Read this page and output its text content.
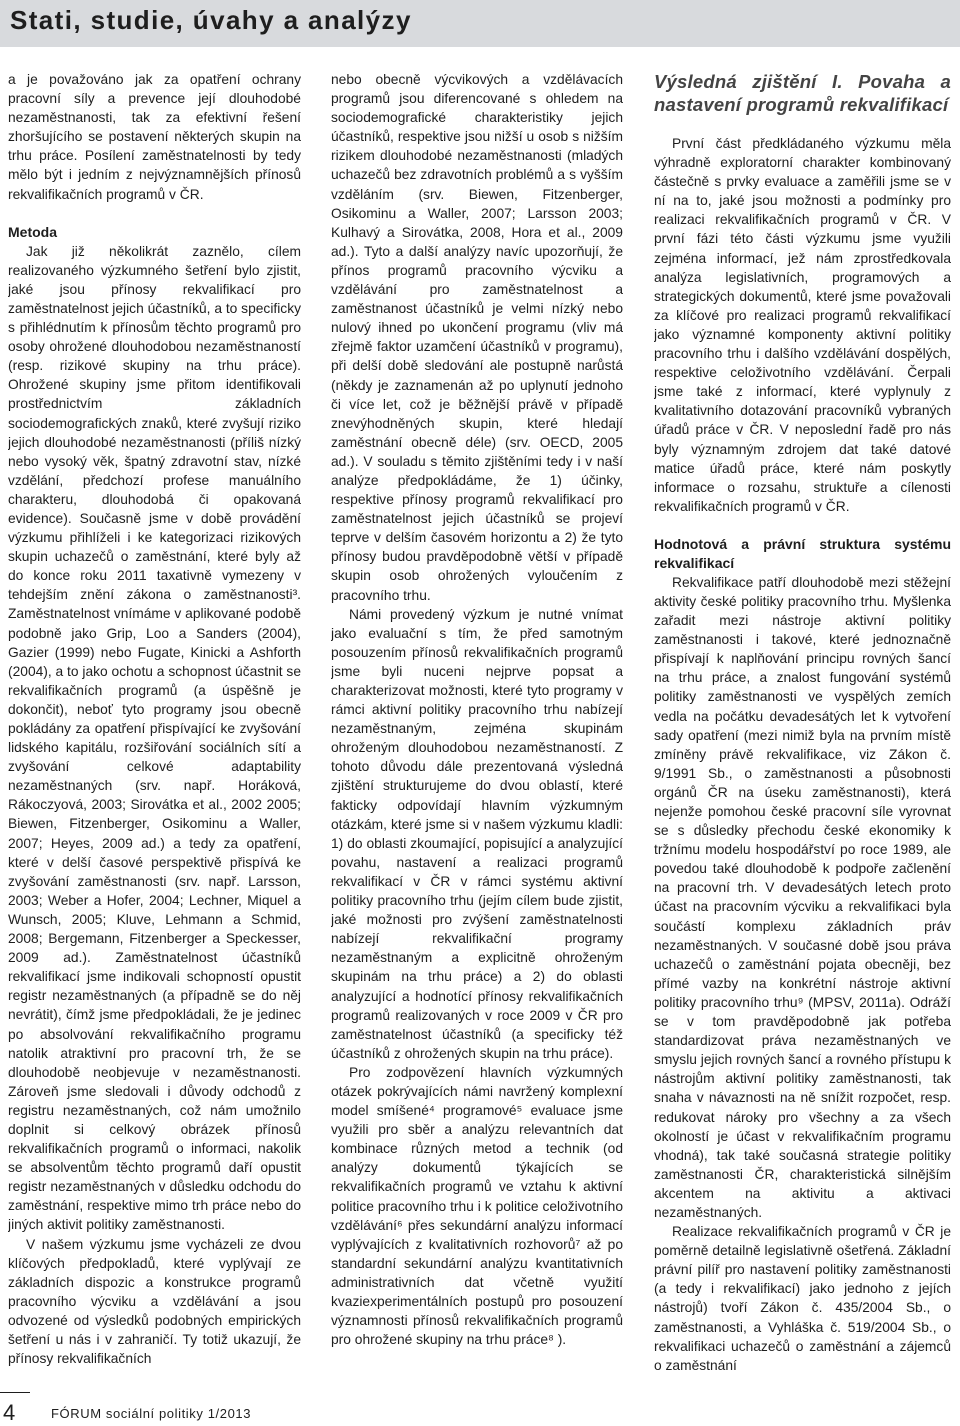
Stati, studie, úvahy a analýzy

a je považováno jak za opatření ochrany pracovní síly a prevence její dlouhodobé nezaměstnanosti, tak za efektivní řešení zhoršujícího se postavení některých skupin na trhu práce. Posílení zaměstnatelnosti by tedy mělo být i jedním z nejvýznamnějších přínosů rekvalifikačních programů v ČR.

Metoda

Jak již několikrát zaznělo, cílem realizovaného výzkumného šetření bylo zjistit, jaké jsou přínosy rekvalifikací pro zaměstnatelnost jejich účastníků, a to specificky s přihlédnutím k přínosům těchto programů pro osoby ohrožené dlouhodobou nezaměstnaností (resp. rizikové skupiny na trhu práce). Ohrožené skupiny jsme přitom identifikovali prostřednictvím základních sociodemografických znaků, které zvyšují riziko jejich dlouhodobé nezaměstnanosti (příliš nízký nebo vysoký věk, špatný zdravotní stav, nízké vzdělání, předchozí profese manuálního charakteru, dlouhodobá či opakovaná evidence). Současně jsme v době provádění výzkumu přihlíželi i ke kategorizaci rizikových skupin uchazečů o zaměstnání, které byly až do konce roku 2011 taxativně vymezeny v tehdejším znění zákona o zaměstnanosti³. Zaměstnatelnost vnímáme v aplikované podobě podobně jako Grip, Loo a Sanders (2004), Gazier (1999) nebo Fugate, Kinicki a Ashforth (2004), a to jako ochotu a schopnost účastnit se rekvalifikačních programů (a úspěšně je dokončit), neboť tyto programy jsou obecně pokládány za opatření přispívající ke zvyšování lidského kapitálu, rozšiřování sociálních sítí a zvyšování celkové adaptability nezaměstnaných (srv. např. Horáková, Rákoczyová, 2003; Sirovátka et al., 2002 2005; Biewen, Fitzenberger, Osikominu a Waller, 2007; Heyes, 2009 ad.) a tedy za opatření, které v delší časové perspektivě přispívá ke zvyšování zaměstnanosti (srv. např. Larsson, 2003; Weber a Hofer, 2004; Lechner, Miquel a Wunsch, 2005; Kluve, Lehmann a Schmid, 2008; Bergemann, Fitzenberger a Speckesser, 2009 ad.). Zaměstnatelnost účastníků rekvalifikací jsme indikovali schopností opustit registr nezaměstnaných (a případně se do něj nevrátit), čímž jsme předpokládali, že je jedinec po absolvování rekvalifikačního programu natolik atraktivní pro pracovní trh, že se dlouhodobě neobjevuje v nezaměstnanosti. Zároveň jsme sledovali i důvody odchodů z registru nezaměstnaných, což nám umožnilo doplnit si celkový obrázek přínosů rekvalifikačních programů o informaci, nakolik se absolventům těchto programů daří opustit registr nezaměstnaných v důsledku odchodu do zaměstnání, respektive mimo trh práce nebo do jiných aktivit politiky zaměstnanosti.

V našem výzkumu jsme vycházeli ze dvou klíčových předpokladů, které vyplývají ze základních dispozic a konstrukce programů pracovního výcviku a vzdělávání a jsou odvozené od výsledků podobných empirických šetření u nás i v zahraničí. Ty totiž ukazují, že přínosy rekvalifikačních

nebo obecně výcvikových a vzdělávacích programů jsou diferencované s ohledem na sociodemografické charakteristiky jejich účastníků, respektive jsou nižší u osob s nižším rizikem dlouhodobé nezaměstnanosti (mladých uchazečů bez zdravotních problémů a s vyšším vzděláním (srv. Biewen, Fitzenberger, Osikominu a Waller, 2007; Larsson 2003; Kulhavý a Sirovátka, 2008, Hora et al., 2009 ad.). Tyto a další analýzy navíc upozorňují, že přínos programů pracovního výcviku a vzdělávání pro zaměstnatelnost a zaměstnanost účastníků je velmi nízký nebo nulový ihned po ukončení programu (vliv má zřejmě faktor uzamčení účastníků v programu), při delší době sledování ale postupně narůstá (někdy je zaznamenán až po uplynutí jednoho či více let, což je běžnější právě v případě znevýhodněných skupin, které hledají zaměstnání obecně déle) (srv. OECD, 2005 ad.). V souladu s těmito zjištěními tedy i v naší analýze předpokládáme, že 1) účinky, respektive přínosy programů rekvalifikací pro zaměstnatelnost jejich účastníků se projeví teprve v delším časovém horizontu a 2) že tyto přínosy budou pravděpodobně větší v případě skupin osob ohrožených vyloučením z pracovního trhu.

Námi provedený výzkum je nutné vnímat jako evaluační s tím, že před samotným posouzením přínosů rekvalifikačních programů jsme byli nuceni nejprve popsat a charakterizovat možnosti, které tyto programy v rámci aktivní politiky pracovního trhu nabízejí nezaměstnaným, zejména skupinám ohroženým dlouhodobou nezaměstnaností. Z tohoto důvodu dále prezentovaná výsledná zjištění strukturujeme do dvou oblastí, které fakticky odpovídají hlavním výzkumným otázkám, které jsme si v našem výzkumu kladli: 1) do oblasti zkoumající, popisující a analyzující povahu, nastavení a realizaci programů rekvalifikací v ČR v rámci systému aktivní politiky pracovního trhu (jejím cílem bude zjistit, jaké možnosti pro zvýšení zaměstnatelnosti nabízejí rekvalifikační programy nezaměstnaným a explicitně ohroženým skupinám na trhu práce) a 2) do oblasti analyzující a hodnotící přínosy rekvalifikačních programů realizovaných v roce 2009 v ČR pro zaměstnatelnost účastníků (a specificky též účastníků z ohrožených skupin na trhu práce).

Pro zodpovězení hlavních výzkumných otázek pokrývajících námi navržený komplexní model smíšené⁴ programové⁵ evaluace jsme využili pro sběr a analýzu relevantních dat kombinace různých metod a technik (od analýzy dokumentů týkajících se rekvalifikačních programů ve vztahu k aktivní politice pracovního trhu i k politice celoživotního vzdělávání⁶ přes sekundární analýzu informací vyplývajících z kvalitativních rozhovorů⁷ až po standardní sekundární analýzu kvantitativních administrativních dat včetně využití kvaziexperimentálních postupů pro posouzení významnosti přínosů rekvalifikačních programů pro ohrožené skupiny na trhu práce⁸ ).

Výsledná zjištění I. Povaha a nastavení programů rekvalifikací

První část předkládaného výzkumu měla výhradně exploratorní charakter kombinovaný částečně s prvky evaluace a zaměřili jsme se v ní na to, jaké jsou možnosti a podmínky pro realizaci rekvalifikačních programů v ČR. V první fázi této části výzkumu jsme využili zejména informací, jež nám zprostředkovala analýza legislativních, programových a strategických dokumentů, které jsme považovali za klíčové pro realizaci programů rekvalifikací jako významné komponenty aktivní politiky pracovního trhu i dalšího vzdělávání dospělých, respektive celoživotního vzdělávání. Čerpali jsme také z informací, které vyplynuly z kvalitativního dotazování pracovníků vybraných úřadů práce v ČR. V neposlední řadě pro nás byly významným zdrojem dat také datové matice úřadů práce, které nám poskytly informace o rozsahu, struktuře a cílenosti rekvalifikačních programů v ČR.

Hodnotová a právní struktura systému rekvalifikací

Rekvalifikace patří dlouhodobě mezi stěžejní aktivity české politiky pracovního trhu. Myšlenka zařadit mezi nástroje aktivní politiky zaměstnanosti i takové, které jednoznačně přispívají k naplňování principu rovných šancí na trhu práce, a znalost fungování systémů politiky zaměstnanosti ve vyspělých zemích vedla na počátku devadesátých let k vytvoření sady opatření (mezi nimiž byla na prvním místě zmíněny právě rekvalifikace, viz Zákon č. 9/1991 Sb., o zaměstnanosti a působnosti orgánů ČR na úseku zaměstnanosti), která nejenže pomohou české pracovní síle vyrovnat se s důsledky přechodu české ekonomiky k tržnímu modelu hospodářství po roce 1989, ale povedou také dlouhodobě k podpoře začlenění na pracovní trh. V devadesátých letech proto účast na pracovním výcviku a rekvalifikaci byla součástí komplexu základních práv nezaměstnaných. V současné době jsou práva uchazečů o zaměstnání pojata obecněji, bez přímé vazby na konkrétní nástroje aktivní politiky pracovního trhu⁹ (MPSV, 2011a). Odráží se v tom pravděpodobně jak potřeba standardizovat práva nezaměstnaných ve smyslu jejich rovných šancí a rovného přístupu k nástrojům aktivní politiky zaměstnanosti, tak snaha v návaznosti na ně snížit rozpočet, resp. redukovat nároky pro všechny a za všech okolností je účast v rekvalifikačním programu vhodná), tak také současná strategie politiky zaměstnanosti ČR, charakteristická silnějším akcentem na aktivitu a aktivaci nezaměstnaných.

Realizace rekvalifikačních programů v ČR je poměrně detailně legislativně ošetřená. Základní právní pilíř pro nastavení politiky zaměstnanosti (a tedy i rekvalifikací) jako jednoho z jejích nástrojů) tvoří Zákon č. 435/2004 Sb., o zaměstnanosti, a Vyhláška č. 519/2004 Sb., o rekvalifikaci uchazečů o zaměstnání a zájemců o zaměstnání

4	FÓRUM sociální politiky 1/2013
